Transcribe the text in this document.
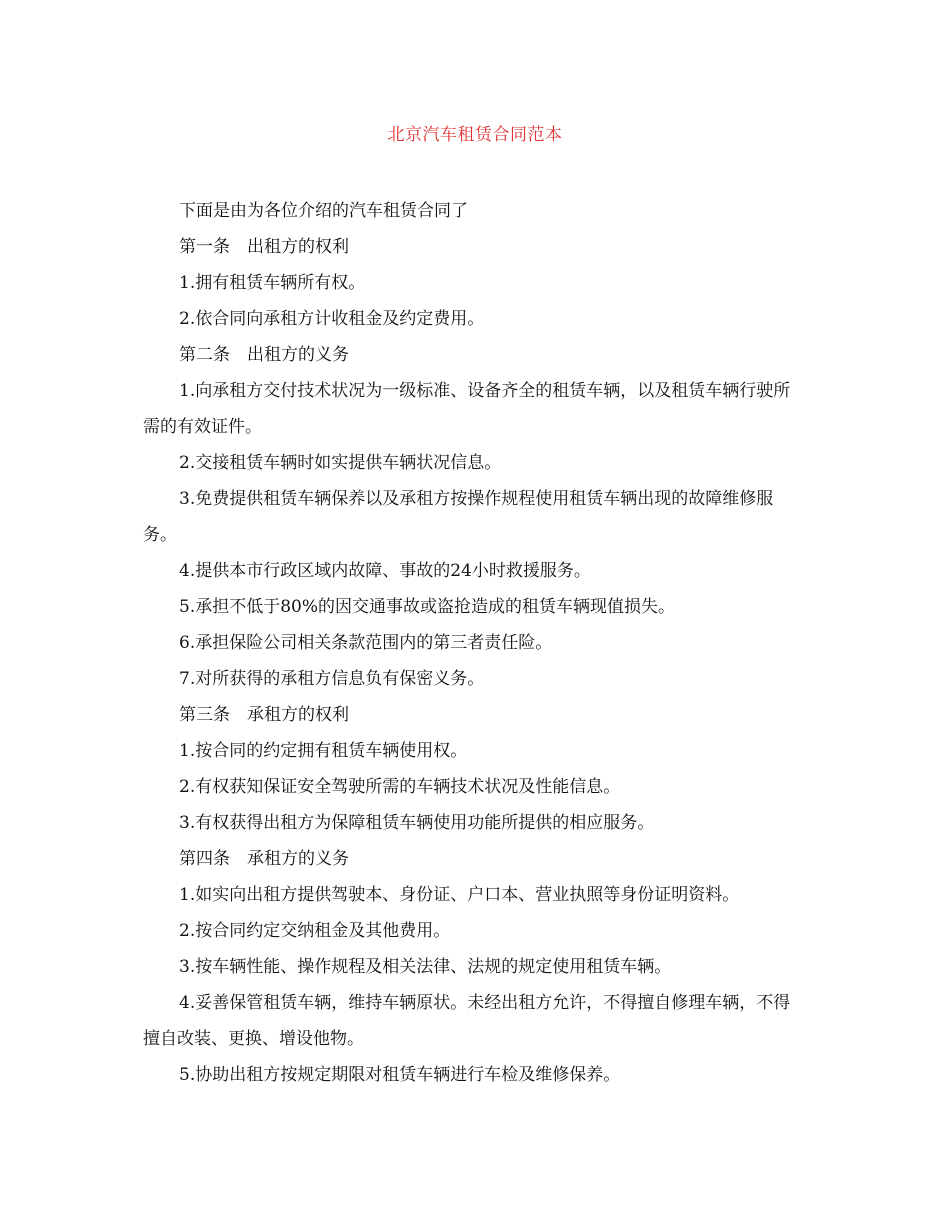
北京汽车租赁合同范本

下面是由为各位介绍的汽车租赁合同了

第一条　出租方的权利

1.拥有租赁车辆所有权。

2.依合同向承租方计收租金及约定费用。

第二条　出租方的义务

1.向承租方交付技术状况为一级标准、设备齐全的租赁车辆，以及租赁车辆行驶所需的有效证件。

2.交接租赁车辆时如实提供车辆状况信息。

3.免费提供租赁车辆保养以及承租方按操作规程使用租赁车辆出现的故障维修服务。

4.提供本市行政区域内故障、事故的24小时救援服务。

5.承担不低于80%的因交通事故或盗抢造成的租赁车辆现值损失。

6.承担保险公司相关条款范围内的第三者责任险。

7.对所获得的承租方信息负有保密义务。

第三条　承租方的权利

1.按合同的约定拥有租赁车辆使用权。

2.有权获知保证安全驾驶所需的车辆技术状况及性能信息。

3.有权获得出租方为保障租赁车辆使用功能所提供的相应服务。

第四条　承租方的义务

1.如实向出租方提供驾驶本、身份证、户口本、营业执照等身份证明资料。

2.按合同约定交纳租金及其他费用。

3.按车辆性能、操作规程及相关法律、法规的规定使用租赁车辆。

4.妥善保管租赁车辆，维持车辆原状。未经出租方允许，不得擅自修理车辆，不得擅自改装、更换、增设他物。

5.协助出租方按规定期限对租赁车辆进行车检及维修保养。
